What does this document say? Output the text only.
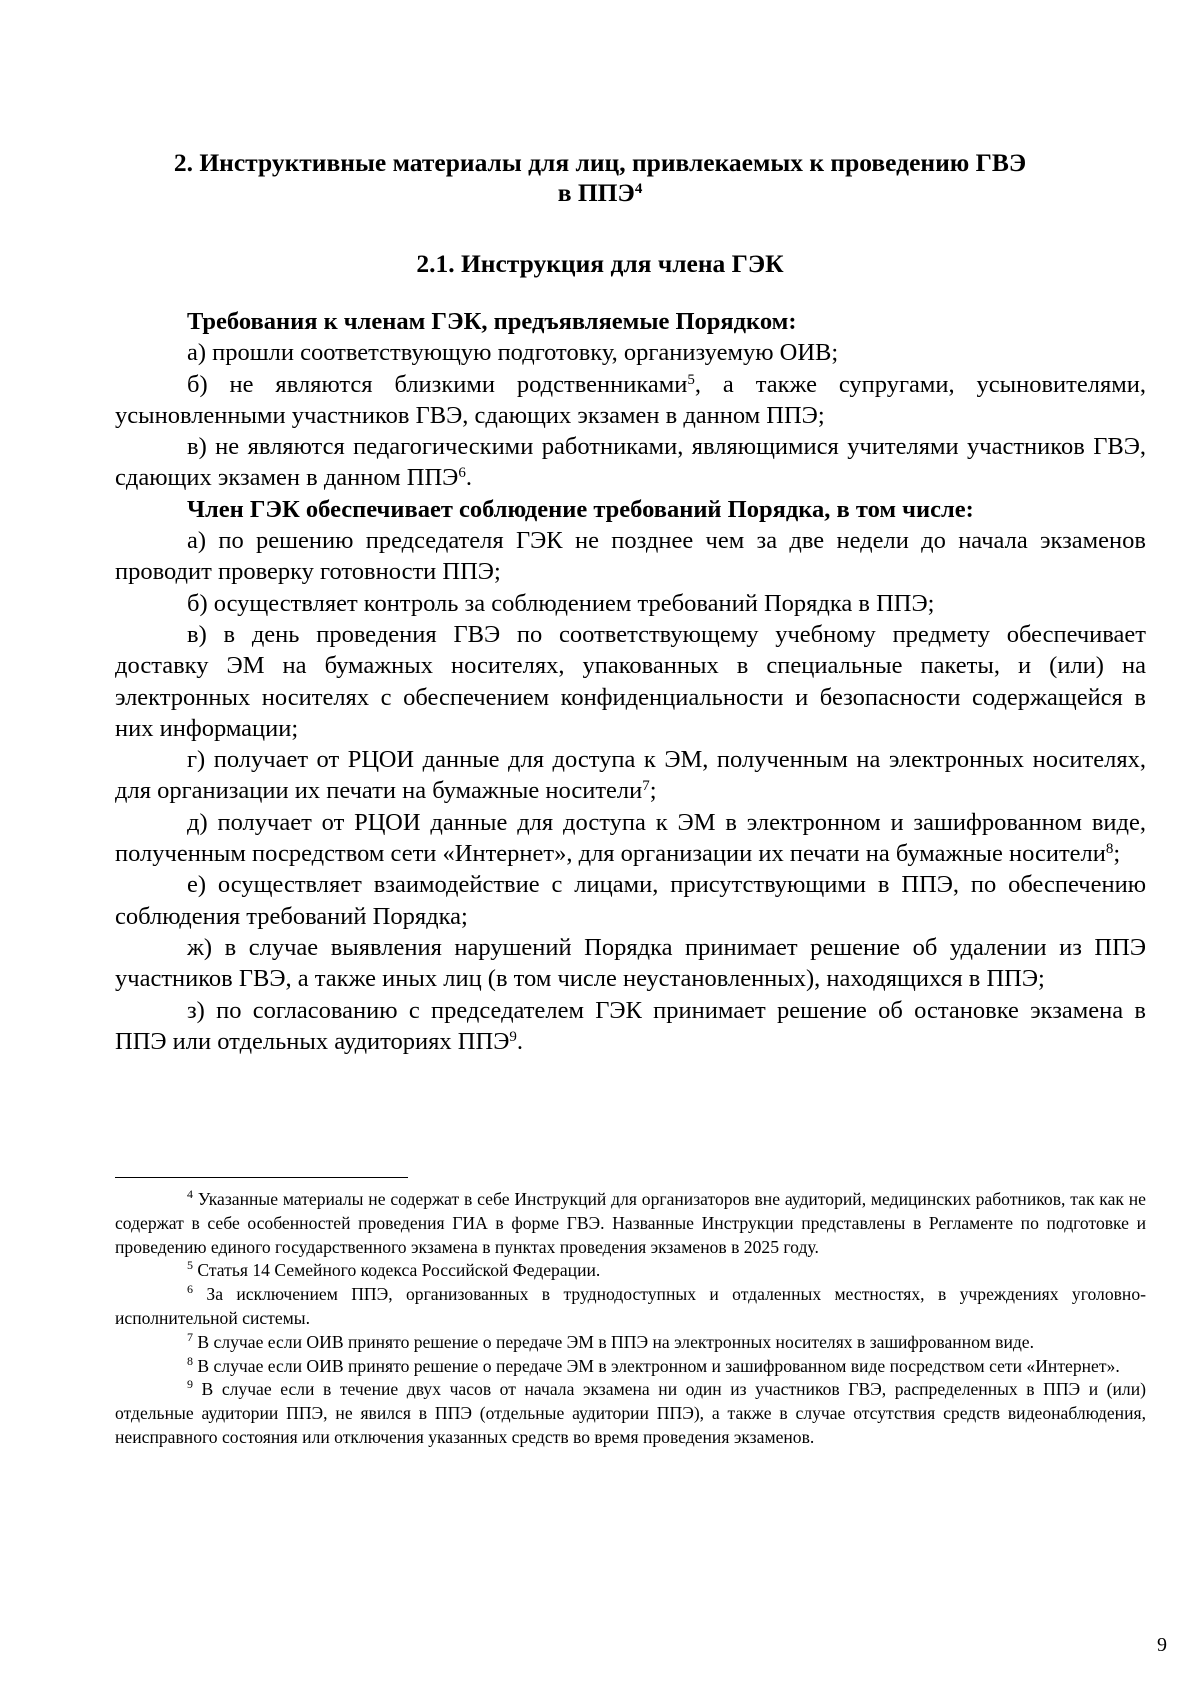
2. Инструктивные материалы для лиц, привлекаемых к проведению ГВЭ
в ППЭ$^4$
2.1. Инструкция для члена ГЭК

Требования к членам ГЭК, предъявляемые Порядком:

а) прошли соответствующую подготовку, организуемую ОИВ;

б) не являются близкими родственниками$^5$, а также супругами, усыновителями, усыновленными участников ГВЭ, сдающих экзамен в данном ППЭ;

в) не являются педагогическими работниками, являющимися учителями участников ГВЭ, сдающих экзамен в данном ППЭ$^6$.

Член ГЭК обеспечивает соблюдение требований Порядка, в том числе:

а) по решению председателя ГЭК не позднее чем за две недели до начала экзаменов проводит проверку готовности ППЭ;

б) осуществляет контроль за соблюдением требований Порядка в ППЭ;

в) в день проведения ГВЭ по соответствующему учебному предмету обеспечивает доставку ЭМ на бумажных носителях, упакованных в специальные пакеты, и (или) на электронных носителях с обеспечением конфиденциальности и безопасности содержащейся в них информации;

г) получает от РЦОИ данные для доступа к ЭМ, полученным на электронных носителях, для организации их печати на бумажные носители$^7$;

д) получает от РЦОИ данные для доступа к ЭМ в электронном и зашифрованном виде, полученным посредством сети «Интернет», для организации их печати на бумажные носители$^8$;

е) осуществляет взаимодействие с лицами, присутствующими в ППЭ, по обеспечению соблюдения требований Порядка;

ж) в случае выявления нарушений Порядка принимает решение об удалении из ППЭ участников ГВЭ, а также иных лиц (в том числе неустановленных), находящихся в ППЭ;

з) по согласованию с председателем ГЭК принимает решение об остановке экзамена в ППЭ или отдельных аудиториях ППЭ$^9$.

$^4$ Указанные материалы не содержат в себе Инструкций для организаторов вне аудиторий, медицинских работников, так как не содержат в себе особенностей проведения ГИА в форме ГВЭ. Названные Инструкции представлены в Регламенте по подготовке и проведению единого государственного экзамена в пунктах проведения экзаменов в 2025 году.

$^5$ Статья 14 Семейного кодекса Российской Федерации.

$^6$ За исключением ППЭ, организованных в труднодоступных и отдаленных местностях, в учреждениях уголовно-исполнительной системы.

$^7$ В случае если ОИВ принято решение о передаче ЭМ в ППЭ на электронных носителях в зашифрованном виде.

$^8$ В случае если ОИВ принято решение о передаче ЭМ в электронном и зашифрованном виде посредством сети «Интернет».

$^9$ В случае если в течение двух часов от начала экзамена ни один из участников ГВЭ, распределенных в ППЭ и (или) отдельные аудитории ППЭ, не явился в ППЭ (отдельные аудитории ППЭ), а также в случае отсутствия средств видеонаблюдения, неисправного состояния или отключения указанных средств во время проведения экзаменов.

9
